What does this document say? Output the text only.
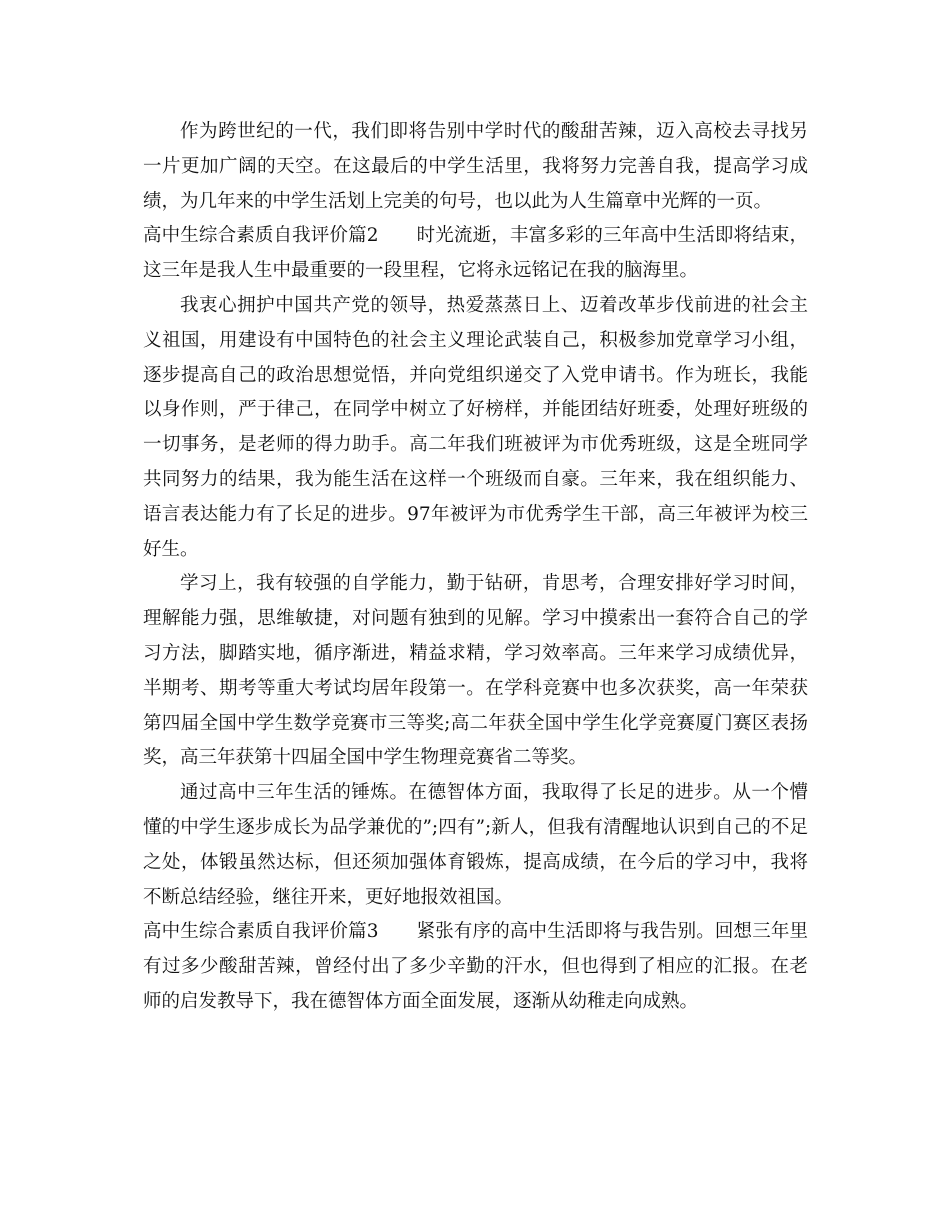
作为跨世纪的一代，我们即将告别中学时代的酸甜苦辣，迈入高校去寻找另一片更加广阔的天空。在这最后的中学生活里，我将努力完善自我，提高学习成绩，为几年来的中学生活划上完美的句号，也以此为人生篇章中光辉的一页。

高中生综合素质自我评价篇2 时光流逝，丰富多彩的三年高中生活即将结束，这三年是我人生中最重要的一段里程，它将永远铭记在我的脑海里。

我衷心拥护中国共产党的领导，热爱蒸蒸日上、迈着改革步伐前进的社会主义祖国，用建设有中国特色的社会主义理论武装自己，积极参加党章学习小组，逐步提高自己的政治思想觉悟，并向党组织递交了入党申请书。作为班长，我能以身作则，严于律己，在同学中树立了好榜样，并能团结好班委，处理好班级的一切事务，是老师的得力助手。高二年我们班被评为市优秀班级，这是全班同学共同努力的结果，我为能生活在这样一个班级而自豪。三年来，我在组织能力、语言表达能力有了长足的进步。97年被评为市优秀学生干部，高三年被评为校三好生。

学习上，我有较强的自学能力，勤于钻研，肯思考，合理安排好学习时间，理解能力强，思维敏捷，对问题有独到的见解。学习中摸索出一套符合自己的学习方法，脚踏实地，循序渐进，精益求精，学习效率高。三年来学习成绩优异，半期考、期考等重大考试均居年段第一。在学科竞赛中也多次获奖，高一年荣获第四届全国中学生数学竞赛市三等奖;高二年获全国中学生化学竞赛厦门赛区表扬奖，高三年获第十四届全国中学生物理竞赛省二等奖。

通过高中三年生活的锤炼。在德智体方面，我取得了长足的进步。从一个懵懂的中学生逐步成长为品学兼优的”;四有”;新人，但我有清醒地认识到自己的不足之处，体锻虽然达标，但还须加强体育锻炼，提高成绩，在今后的学习中，我将不断总结经验，继往开来，更好地报效祖国。

高中生综合素质自我评价篇3 紧张有序的高中生活即将与我告别。回想三年里有过多少酸甜苦辣，曾经付出了多少辛勤的汗水，但也得到了相应的汇报。在老师的启发教导下，我在德智体方面全面发展，逐渐从幼稚走向成熟。
